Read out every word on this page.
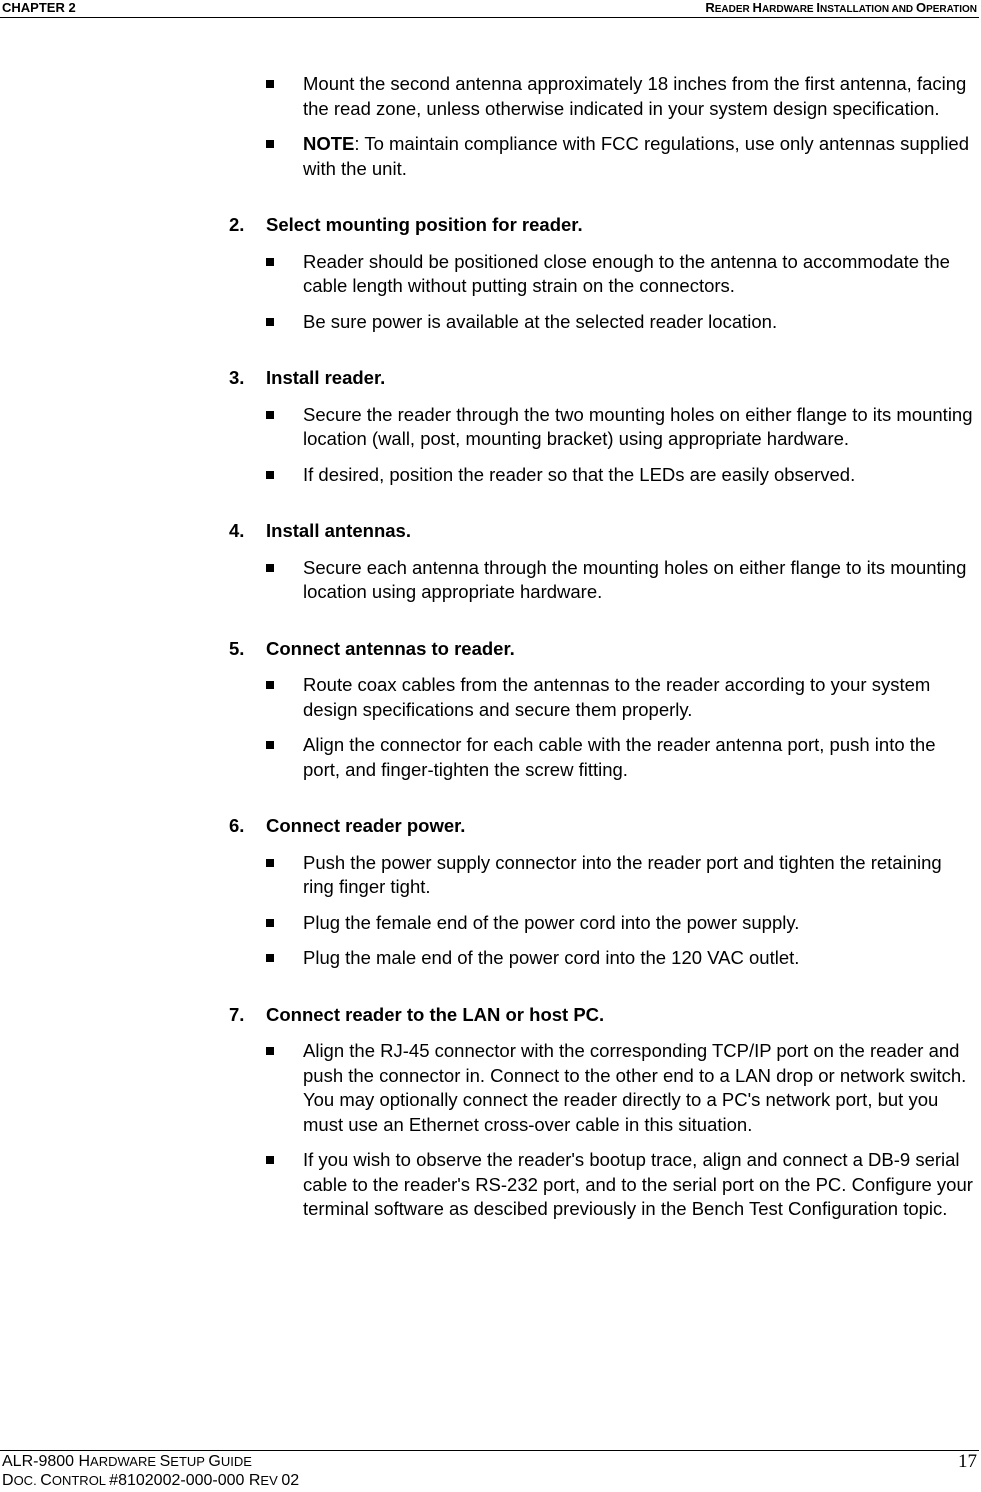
CHAPTER 2	READER HARDWARE INSTALLATION AND OPERATION
Mount the second antenna approximately 18 inches from the first antenna, facing the read zone, unless otherwise indicated in your system design specification.
NOTE: To maintain compliance with FCC regulations, use only antennas supplied with the unit.
2. Select mounting position for reader.
Reader should be positioned close enough to the antenna to accommodate the cable length without putting strain on the connectors.
Be sure power is available at the selected reader location.
3. Install reader.
Secure the reader through the two mounting holes on either flange to its mounting location (wall, post, mounting bracket) using appropriate hardware.
If desired, position the reader so that the LEDs are easily observed.
4. Install antennas.
Secure each antenna through the mounting holes on either flange to its mounting location using appropriate hardware.
5. Connect antennas to reader.
Route coax cables from the antennas to the reader according to your system design specifications and secure them properly.
Align the connector for each cable with the reader antenna port, push into the port, and finger-tighten the screw fitting.
6. Connect reader power.
Push the power supply connector into the reader port and tighten the retaining ring finger tight.
Plug the female end of the power cord into the power supply.
Plug the male end of the power cord into the 120 VAC outlet.
7. Connect reader to the LAN or host PC.
Align the RJ-45 connector with the corresponding TCP/IP port on the reader and push the connector in. Connect to the other end to a LAN drop or network switch. You may optionally connect the reader directly to a PC's network port, but you must use an Ethernet cross-over cable in this situation.
If you wish to observe the reader's bootup trace, align and connect a DB-9 serial cable to the reader's RS-232 port, and to the serial port on the PC. Configure your terminal software as descibed previously in the Bench Test Configuration topic.
ALR-9800 HARDWARE SETUP GUIDE
DOC. CONTROL #8102002-000-000 REV 02
17
